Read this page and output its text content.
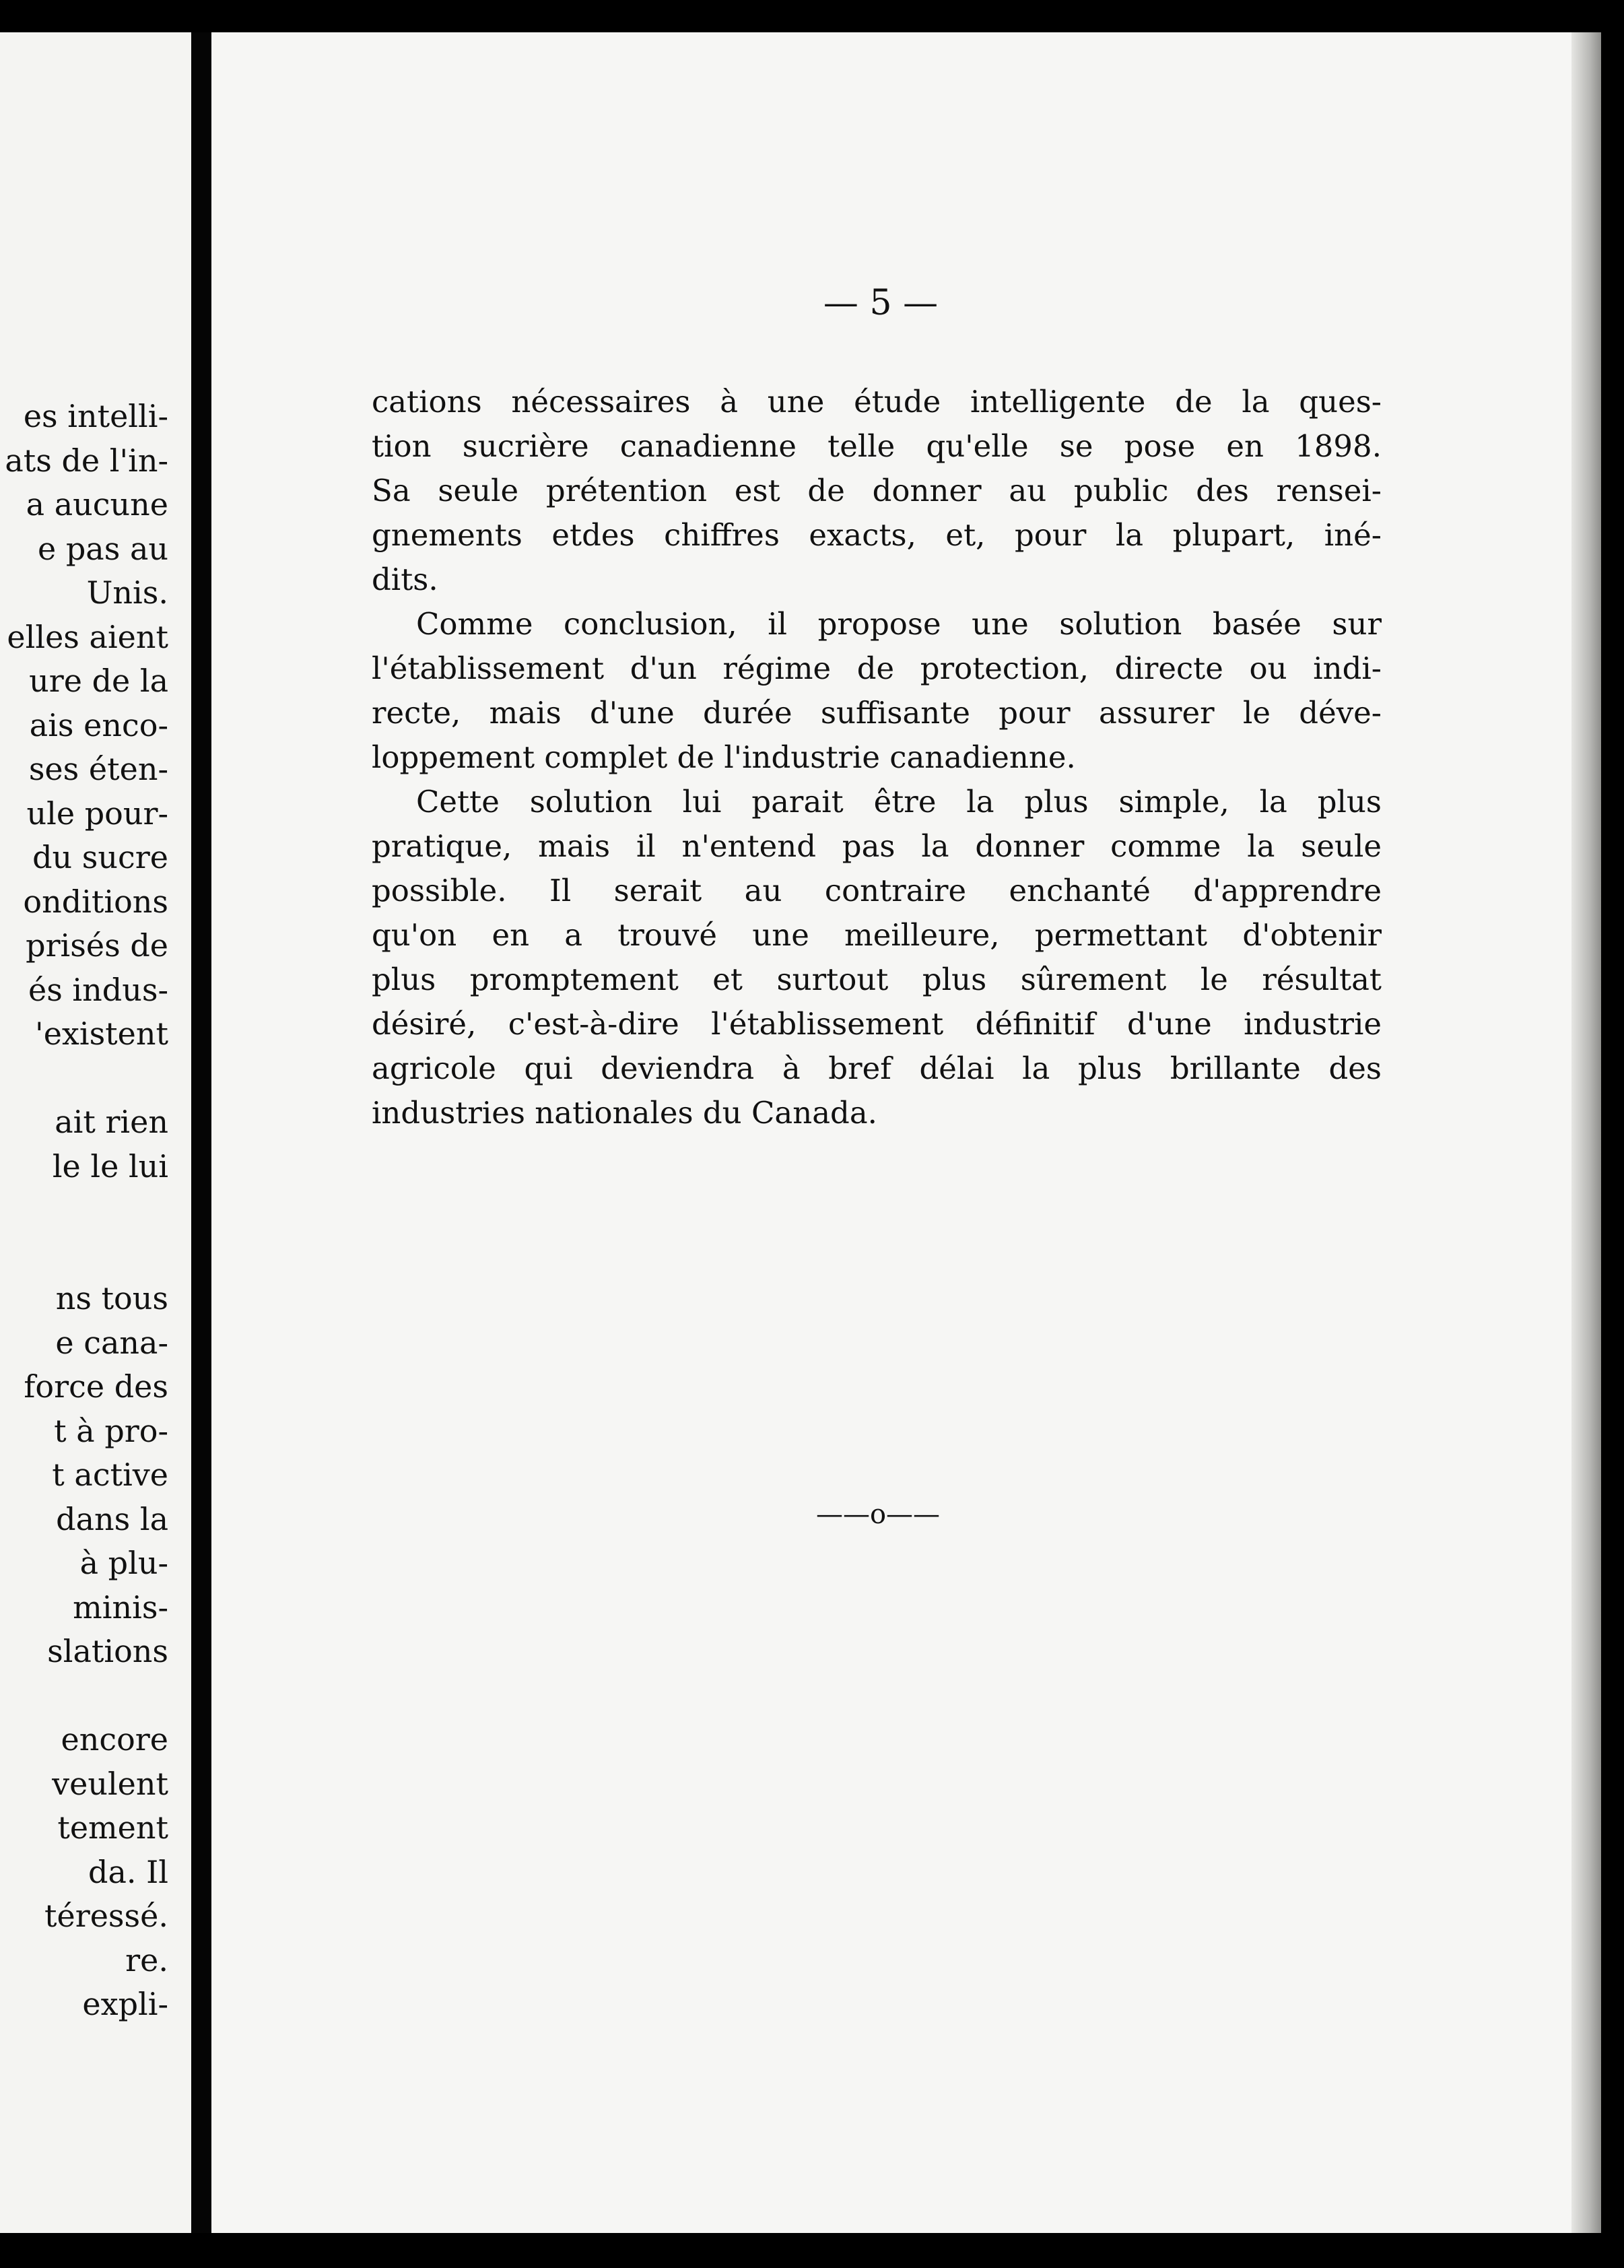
es intelli-
ats de l'in-
a aucune
e pas au
Unis.
elles aient
ure de la
ais enco-
ses éten-
ule pour-
du sucre
onditions
prisés de
és indus-
'existent
ait rien
le le lui
ns tous
e cana-
force des
t à pro-
t active
dans la
à plu-
minis-
slations
encore
veulent
tement
da. Il
téressé.
re.
expli-
— 5 —
cations nécessaires à une étude intelligente de la ques-
tion sucrière canadienne telle qu'elle se pose en 1898.
Sa seule prétention est de donner au public des rensei-
gnements etdes chiffres exacts, et, pour la plupart, iné-
dits.
Comme conclusion, il propose une solution basée sur
l'établissement d'un régime de protection, directe ou indi-
recte, mais d'une durée suffisante pour assurer le déve-
loppement complet de l'industrie canadienne.
Cette solution lui parait être la plus simple, la plus
pratique, mais il n'entend pas la donner comme la seule
possible. Il serait au contraire enchanté d'apprendre
qu'on en a trouvé une meilleure, permettant d'obtenir
plus promptement et surtout plus sûrement le résultat
désiré, c'est-à-dire l'établissement définitif d'une industrie
agricole qui deviendra à bref délai la plus brillante des
industries nationales du Canada.
——o——
